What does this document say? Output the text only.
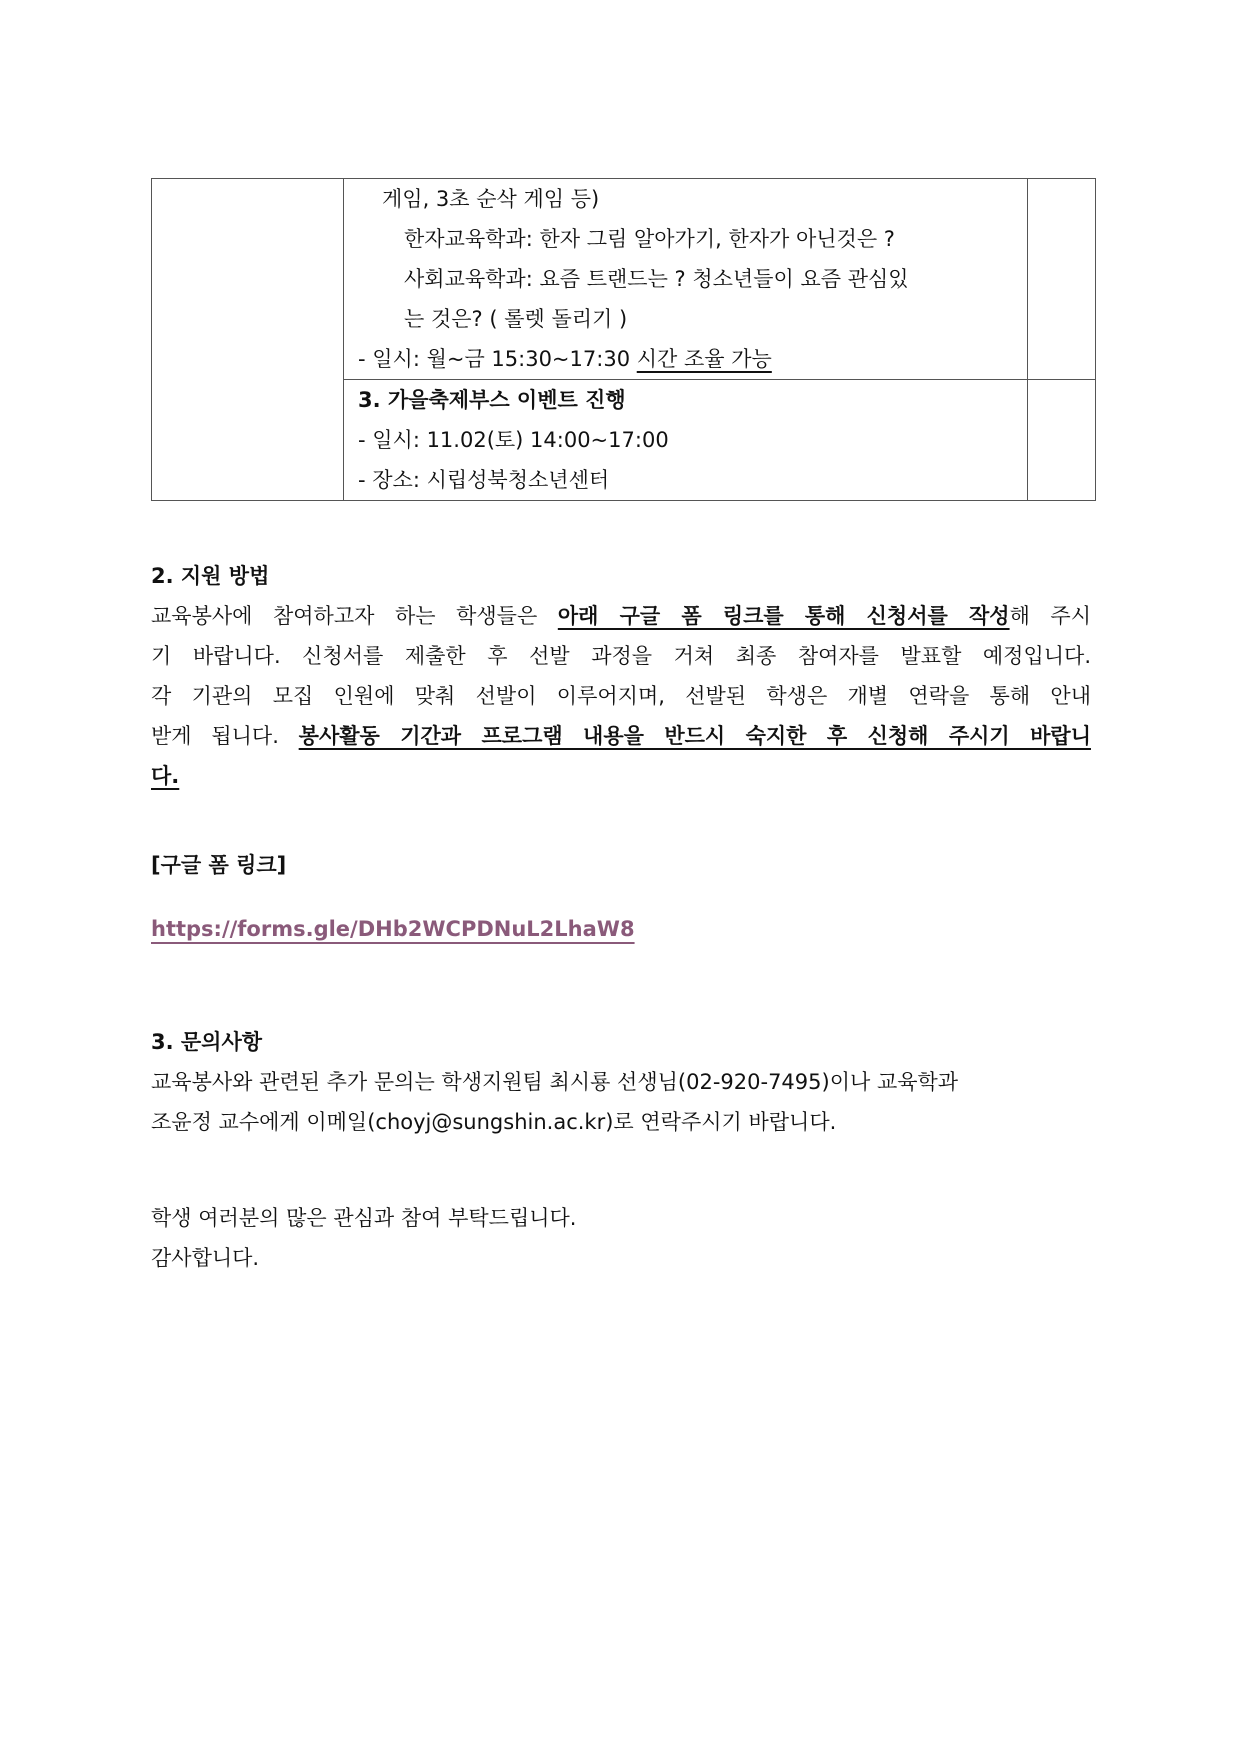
	게임, 3초 순삭 게임 등)
한자교육학과: 한자 그림 알아가기, 한자가 아닌것은 ?
사회교육학과: 요즘 트랜드는 ? 청소년들이 요즘 관심있
는 것은? ( 롤렛 돌리기 )
- 일시: 월~금 15:30~17:30 시간 조율 가능	

	3. 가을축제부스 이벤트 진행
- 일시: 11.02(토) 14:00~17:00
- 장소: 시립성북청소년센터	

2. 지원 방법
교육봉사에 참여하고자 하는 학생들은 아래 구글 폼 링크를 통해 신청서를 작성해 주시
기 바랍니다. 신청서를 제출한 후 선발 과정을 거쳐 최종 참여자를 발표할 예정입니다.
각 기관의 모집 인원에 맞춰 선발이 이루어지며, 선발된 학생은 개별 연락을 통해 안내
받게 됩니다. 봉사활동 기간과 프로그램 내용을 반드시 숙지한 후 신청해 주시기 바랍니
다.
[구글 폼 링크]
https://forms.gle/DHb2WCPDNuL2LhaW8
3. 문의사항
교육봉사와 관련된 추가 문의는 학생지원팀 최시룡 선생님(02-920-7495)이나 교육학과
조윤정 교수에게 이메일(choyj@sungshin.ac.kr)로 연락주시기 바랍니다.
학생 여러분의 많은 관심과 참여 부탁드립니다.
감사합니다.
